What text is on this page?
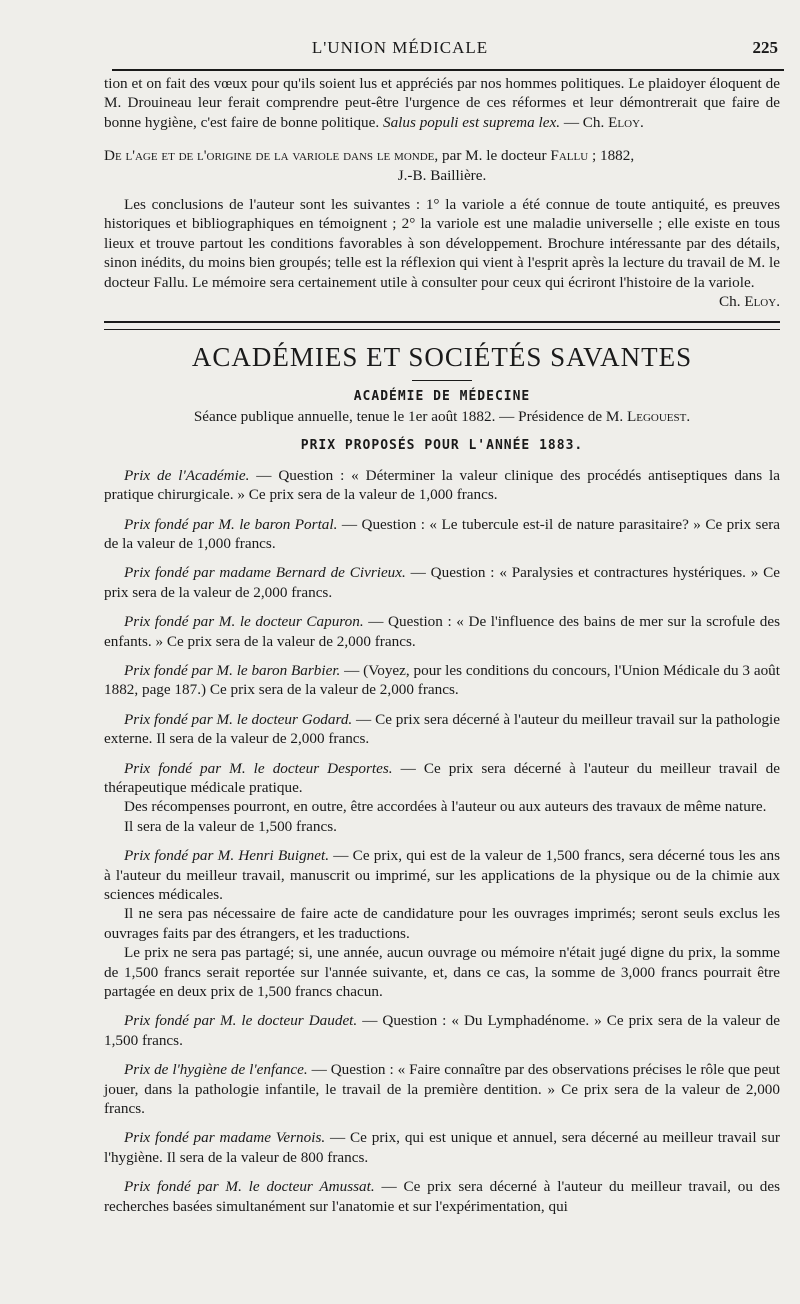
L'UNION MÉDICALE	225

tion et on fait des vœux pour qu'ils soient lus et appréciés par nos hommes politiques. Le plaidoyer éloquent de M. Drouineau leur ferait comprendre peut-être l'urgence de ces réformes et leur démontrerait que faire de bonne hygiène, c'est faire de bonne politique. Salus populi est suprema lex. — Ch. Eloy.

De l'age et de l'origine de la variole dans le monde, par M. le docteur Fallu ; 1882,
J.-B. Baillière.

Les conclusions de l'auteur sont les suivantes : 1° la variole a été connue de toute antiquité, es preuves historiques et bibliographiques en témoignent ; 2° la variole est une maladie universelle ; elle existe en tous lieux et trouve partout les conditions favorables à son développement. Brochure intéressante par des détails, sinon inédits, du moins bien groupés; telle est la réflexion qui vient à l'esprit après la lecture du travail de M. le docteur Fallu. Le mémoire sera certainement utile à consulter pour ceux qui écriront l'histoire de la variole.

Ch. Eloy.

ACADÉMIES ET SOCIÉTÉS SAVANTES
ACADÉMIE DE MÉDECINE

Séance publique annuelle, tenue le 1er août 1882. — Présidence de M. Legouest.

PRIX PROPOSÉS POUR L'ANNÉE 1883.

Prix de l'Académie. — Question : « Déterminer la valeur clinique des procédés antiseptiques dans la pratique chirurgicale. » Ce prix sera de la valeur de 1,000 francs.

Prix fondé par M. le baron Portal. — Question : « Le tubercule est-il de nature parasitaire? » Ce prix sera de la valeur de 1,000 francs.

Prix fondé par madame Bernard de Civrieux. — Question : « Paralysies et contractures hystériques. » Ce prix sera de la valeur de 2,000 francs.

Prix fondé par M. le docteur Capuron. — Question : « De l'influence des bains de mer sur la scrofule des enfants. » Ce prix sera de la valeur de 2,000 francs.

Prix fondé par M. le baron Barbier. — (Voyez, pour les conditions du concours, l'Union Médicale du 3 août 1882, page 187.) Ce prix sera de la valeur de 2,000 francs.

Prix fondé par M. le docteur Godard. — Ce prix sera décerné à l'auteur du meilleur travail sur la pathologie externe. Il sera de la valeur de 2,000 francs.

Prix fondé par M. le docteur Desportes. — Ce prix sera décerné à l'auteur du meilleur travail de thérapeutique médicale pratique.

Des récompenses pourront, en outre, être accordées à l'auteur ou aux auteurs des travaux de même nature.

Il sera de la valeur de 1,500 francs.

Prix fondé par M. Henri Buignet. — Ce prix, qui est de la valeur de 1,500 francs, sera décerné tous les ans à l'auteur du meilleur travail, manuscrit ou imprimé, sur les applications de la physique ou de la chimie aux sciences médicales.

Il ne sera pas nécessaire de faire acte de candidature pour les ouvrages imprimés; seront seuls exclus les ouvrages faits par des étrangers, et les traductions.

Le prix ne sera pas partagé; si, une année, aucun ouvrage ou mémoire n'était jugé digne du prix, la somme de 1,500 francs serait reportée sur l'année suivante, et, dans ce cas, la somme de 3,000 francs pourrait être partagée en deux prix de 1,500 francs chacun.

Prix fondé par M. le docteur Daudet. — Question : « Du Lymphadénome. » Ce prix sera de la valeur de 1,500 francs.

Prix de l'hygiène de l'enfance. — Question : « Faire connaître par des observations précises le rôle que peut jouer, dans la pathologie infantile, le travail de la première dentition. » Ce prix sera de la valeur de 2,000 francs.

Prix fondé par madame Vernois. — Ce prix, qui est unique et annuel, sera décerné au meilleur travail sur l'hygiène. Il sera de la valeur de 800 francs.

Prix fondé par M. le docteur Amussat. — Ce prix sera décerné à l'auteur du meilleur travail, ou des recherches basées simultanément sur l'anatomie et sur l'expérimentation, qui
